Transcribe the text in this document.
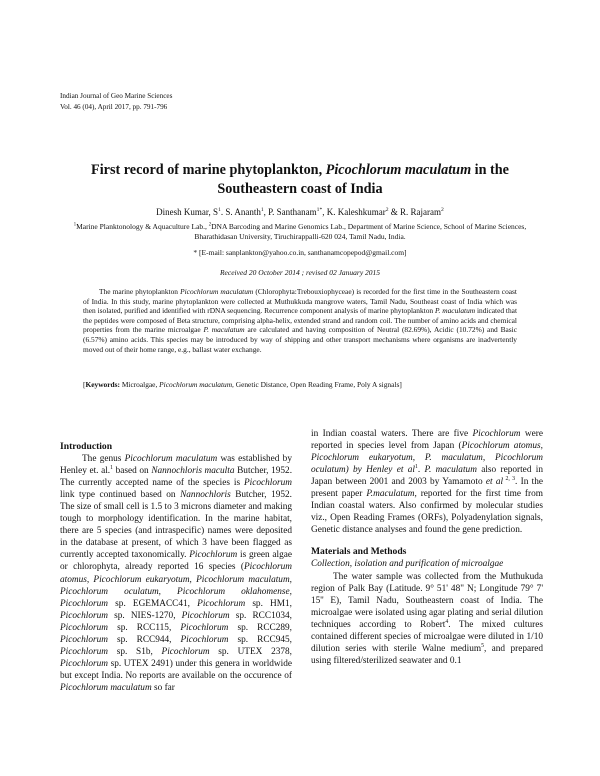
Indian Journal of Geo Marine Sciences
Vol. 46 (04), April 2017, pp. 791-796
First record of marine phytoplankton, Picochlorum maculatum in the Southeastern coast of India
Dinesh Kumar, $S^1$. S. Ananth$^1$, P. Santhanam$^{1*}$, K. Kaleshkumar$^2$ & R. Rajaram$^2$
$^1$Marine Planktonology & Aquaculture Lab., $^2$DNA Barcoding and Marine Genomics Lab., Department of Marine Science, School of Marine Sciences, Bharathidasan University, Tiruchirappalli-620 024, Tamil Nadu, India.
* [E-mail: sanplankton@yahoo.co.in, santhanamcopepod@gmail.com]
Received 20 October 2014 ; revised 02 January 2015

The marine phytoplankton Picochlorum maculatum (Chlorophyta:Trebouxiophyceae) is recorded for the first time in the Southeastern coast of India. In this study, marine phytoplankton were collected at Muthukkuda mangrove waters, Tamil Nadu, Southeast coast of India which was then isolated, purified and identified with rDNA sequencing. Recurrence component analysis of marine phytoplankton P. maculatum indicated that the peptides were composed of Beta structure, comprising alpha-helix, extended strand and random coil. The number of amino acids and chemical properties from the marine microalgae P. maculatum are calculated and having composition of Neutral (82.69%), Acidic (10.72%) and Basic (6.57%) amino acids. This species may be introduced by way of shipping and other transport mechanisms where organisms are inadvertently moved out of their home range, e.g., ballast water exchange.

[Keywords: Microalgae, Picochlorum maculatum, Genetic Distance, Open Reading Frame, Poly A signals]

Introduction

The genus Picochlorum maculatum was established by Henley et. al.$^1$ based on Nannochloris maculta Butcher, 1952. The currently accepted name of the species is Picochlorum link type continued based on Nannochloris Butcher, 1952. The size of small cell is 1.5 to 3 microns diameter and making tough to morphology identification. In the marine habitat, there are 5 species (and intraspecific) names were deposited in the database at present, of which 3 have been flagged as currently accepted taxonomically. Picochlorum is green algae or chlorophyta, already reported 16 species (Picochlorum atomus, Picochlorum eukaryotum, Picochlorum maculatum, Picochlorum oculatum, Picochlorum oklahomense, Picochlorum sp. EGEMACC41, Picochlorum sp. HM1, Picochlorum sp. NIES-1270, Picochlorum sp. RCC1034, Picochlorum sp. RCC115, Picochlorum sp. RCC289, Picochlorum sp. RCC944, Picochlorum sp. RCC945, Picochlorum sp. S1b, Picochlorum sp. UTEX 2378, Picochlorum sp. UTEX 2491) under this genera in worldwide but except India. No reports are available on the occurence of Picochlorum maculatum so far

in Indian coastal waters. There are five Picochlorum were reported in species level from Japan (Picochlorum atomus, Picochlorum eukaryotum, P. maculatum, Picochlorum oculatum) by Henley et $al^1$. P. maculatum also reported in Japan between 2001 and 2003 by Yamamoto et al $^{2, 3}$. In the present paper P.maculatum, reported for the first time from Indian coastal waters. Also confirmed by molecular studies viz., Open Reading Frames (ORFs), Polyadenylation signals, Genetic distance analyses and found the gene prediction.

Materials and Methods

Collection, isolation and purification of microalgae

The water sample was collected from the Muthukuda region of Palk Bay (Latitude. 9° 51' 48" N; Longitude 79° 7' 15'' E), Tamil Nadu, Southeastern coast of India. The microalgae were isolated using agar plating and serial dilution techniques according to Robert$^4$. The mixed cultures contained different species of microalgae were diluted in 1/10 dilution series with sterile Walne medium$^5$, and prepared using filtered/sterilized seawater and 0.1
